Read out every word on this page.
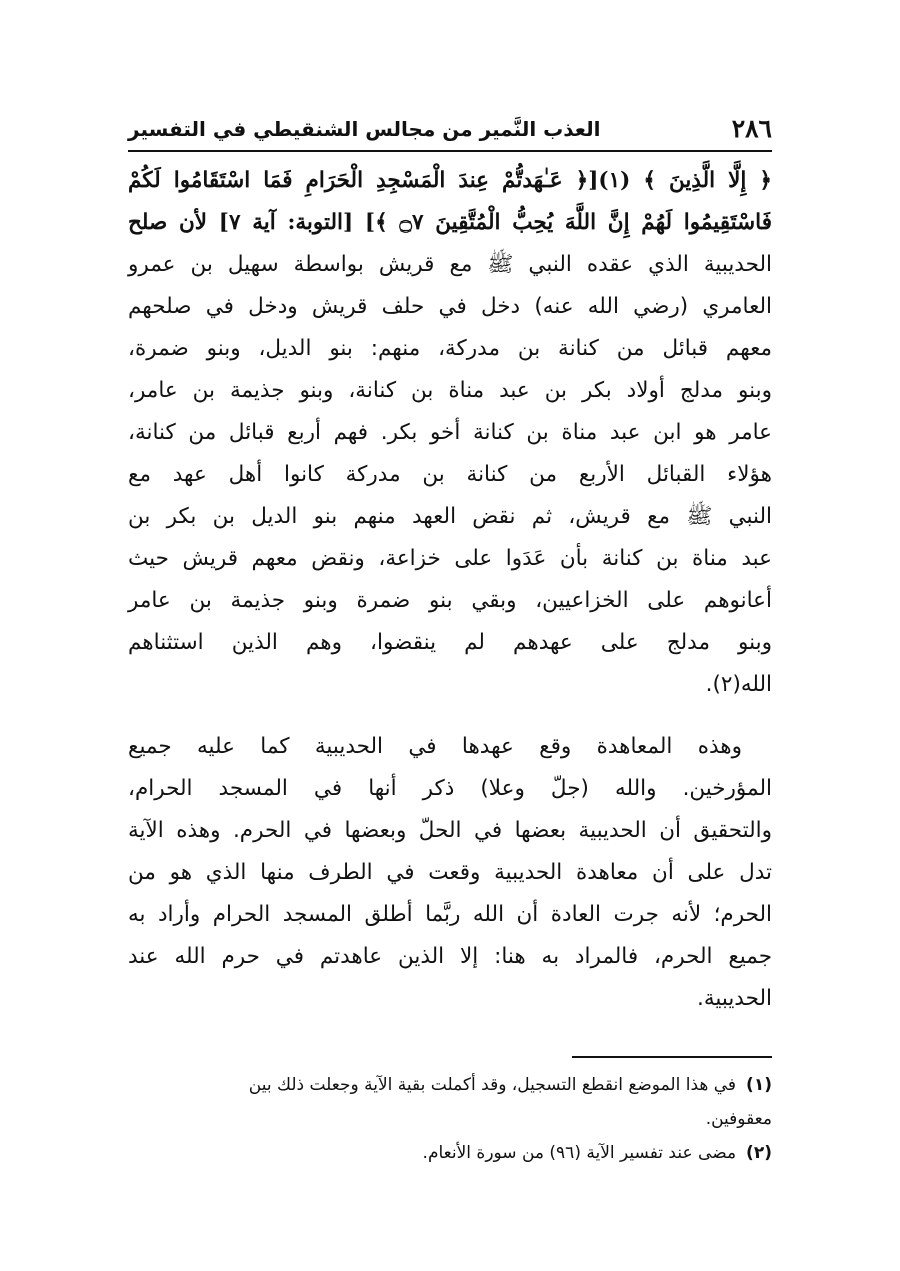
٢٨٦
العذب النَّمير من مجالس الشنقيطي في التفسير
﴿ إِلَّا الَّذِينَ ﴾ (١)[﴿ عَـٰهَدتُّمْ عِندَ الْمَسْجِدِ الْحَرَامِ فَمَا اسْتَقَامُوا لَكُمْ
فَاسْتَقِيمُوا لَهُمْ إِنَّ اللَّهَ يُحِبُّ الْمُتَّقِينَ ۝٧ ﴾] [التوبة: آية ٧] لأن صلح
الحديبية الذي عقده النبي ﷺ مع قريش بواسطة سهيل بن عمرو
العامري (رضي الله عنه) دخل في حلف قريش ودخل في صلحهم
معهم قبائل من كنانة بن مدركة، منهم: بنو الديل، وبنو ضمرة،
وبنو مدلج أولاد بكر بن عبد مناة بن كنانة، وبنو جذيمة بن عامر،
عامر هو ابن عبد مناة بن كنانة أخو بكر. فهم أربع قبائل من كنانة،
هؤلاء القبائل الأربع من كنانة بن مدركة كانوا أهل عهد مع
النبي ﷺ مع قريش، ثم نقض العهد منهم بنو الديل بن بكر بن
عبد مناة بن كنانة بأن عَدَوا على خزاعة، ونقض معهم قريش حيث
أعانوهم على الخزاعيين، وبقي بنو ضمرة وبنو جذيمة بن عامر
وبنو مدلج على عهدهم لم ينقضوا، وهم الذين استثناهم
الله(٢).
وهذه المعاهدة وقع عهدها في الحديبية كما عليه جميع
المؤرخين. والله (جلّ وعلا) ذكر أنها في المسجد الحرام،
والتحقيق أن الحديبية بعضها في الحلّ وبعضها في الحرم. وهذه الآية
تدل على أن معاهدة الحديبية وقعت في الطرف منها الذي هو من
الحرم؛ لأنه جرت العادة أن الله ربَّما أطلق المسجد الحرام وأراد به
جميع الحرم، فالمراد به هنا: إلا الذين عاهدتم في حرم الله عند
الحديبية.
(١)في هذا الموضع انقطع التسجيل، وقد أكملت بقية الآية وجعلت ذلك بين
معقوفين.
(٢)مضى عند تفسير الآية (٩٦) من سورة الأنعام.
